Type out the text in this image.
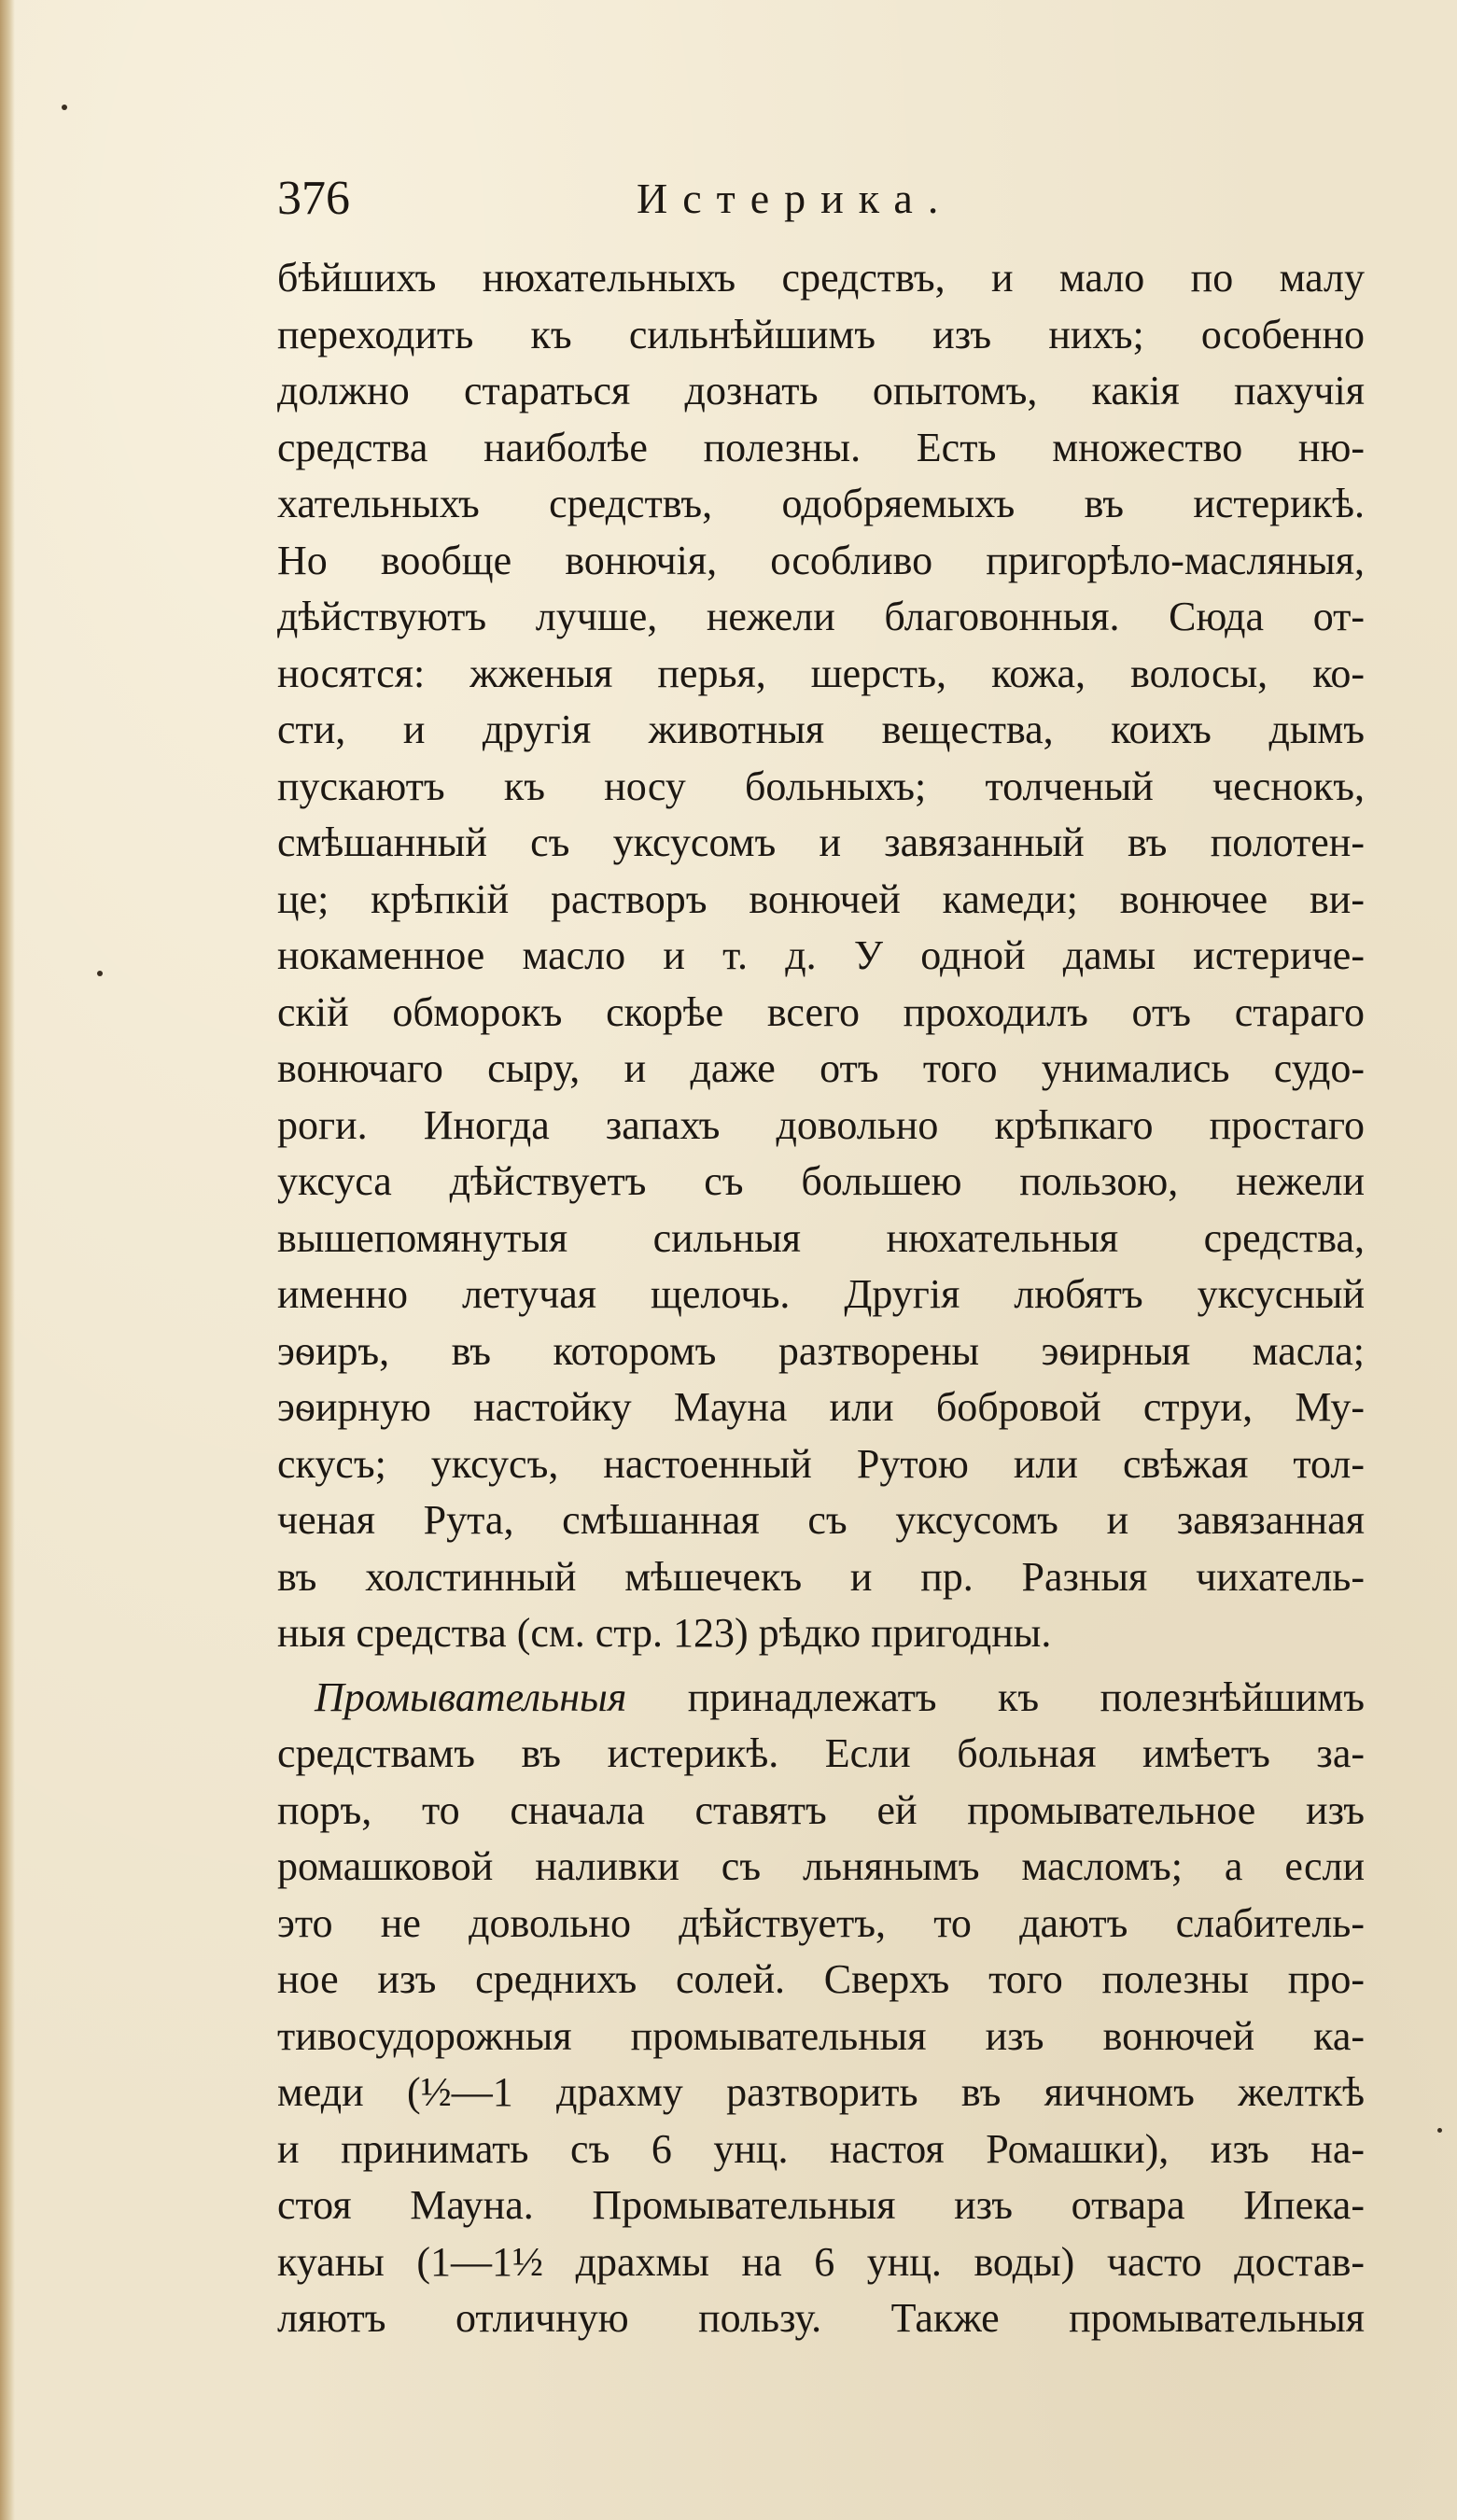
376	Истерика.
бѣйшихъ нюхательныхъ средствъ, и мало по малу
переходить къ сильнѣйшимъ изъ нихъ; особенно
должно стараться дознать опытомъ, какія пахучія
средства наиболѣе полезны. Есть множество ню-
хательныхъ средствъ, одобряемыхъ въ истерикѣ.
Но вообще вонючія, особливо пригорѣло-масляныя,
дѣйствуютъ лучше, нежели благовонныя. Сюда от-
носятся: жженыя перья, шерсть, кожа, волосы, ко-
сти, и другія животныя вещества, коихъ дымъ
пускаютъ къ носу больныхъ; толченый чеснокъ,
смѣшанный съ уксусомъ и завязанный въ полотен-
це; крѣпкій растворъ вонючей камеди; вонючее ви-
нокаменное масло и т. д. У одной дамы истериче-
скій обморокъ скорѣе всего проходилъ отъ стараго
вонючаго сыру, и даже отъ того унимались судо-
роги. Иногда запахъ довольно крѣпкаго простаго
уксуса дѣйствуетъ съ большею пользою, нежели
вышепомянутыя сильныя нюхательныя средства,
именно летучая щелочь. Другія любятъ уксусный
эѳиръ, въ которомъ разтворены эѳирныя масла;
эѳирную настойку Мауна или бобровой струи, Му-
скусъ; уксусъ, настоенный Рутою или свѣжая тол-
ченая Рута, смѣшанная съ уксусомъ и завязанная
въ холстинный мѣшечекъ и пр. Разныя чихатель-
ныя средства (см. стр. 123) рѣдко пригодны.
Промывательныя принадлежатъ къ полезнѣйшимъ
средствамъ въ истерикѣ. Если больная имѣетъ за-
поръ, то сначала ставятъ ей промывательное изъ
ромашковой наливки съ льнянымъ масломъ; а если
это не довольно дѣйствуетъ, то даютъ слабитель-
ное изъ среднихъ солей. Сверхъ того полезны про-
тивосудорожныя промывательныя изъ вонючей ка-
меди (½—1 драхму разтворить въ яичномъ желткѣ
и принимать съ 6 унц. настоя Ромашки), изъ на-
стоя Мауна. Промывательныя изъ отвара Ипека-
куаны (1—1½ драхмы на 6 унц. воды) часто достав-
ляютъ отличную пользу. Также промывательныя
